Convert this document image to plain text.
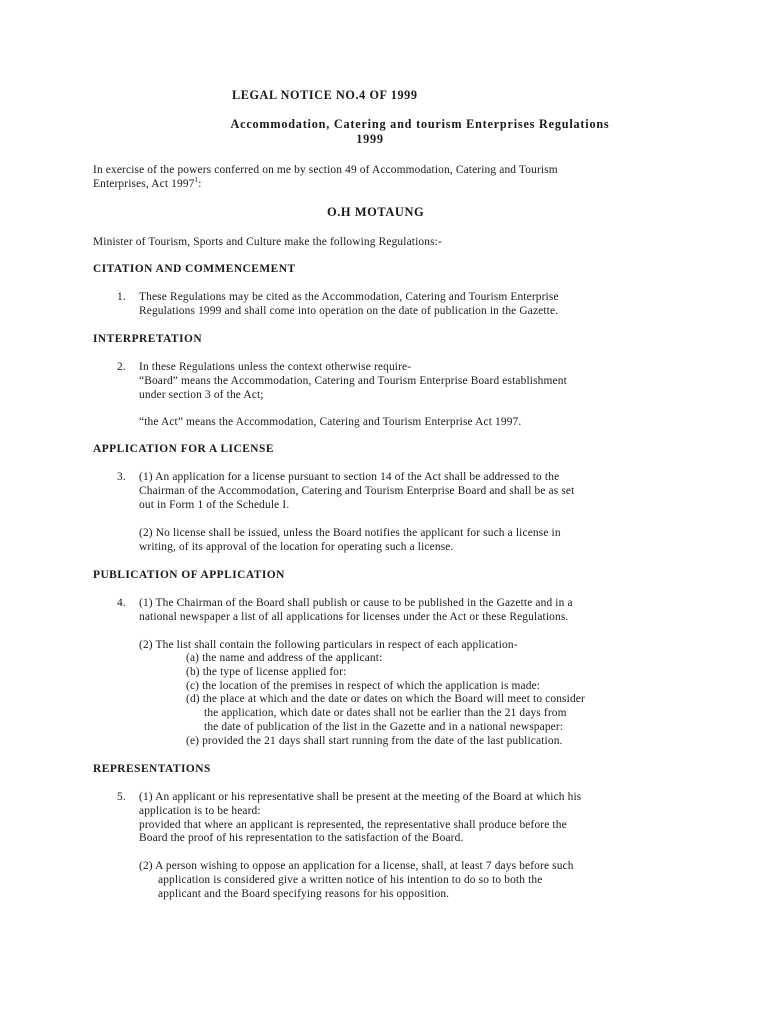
LEGAL NOTICE NO.4 OF 1999
Accommodation, Catering and tourism Enterprises Regulations
1999
In exercise of the powers conferred on me by section 49 of Accommodation, Catering and Tourism
Enterprises, Act 1997$^1$:
O.H MOTAUNG
Minister of Tourism, Sports and Culture make the following Regulations:-
CITATION AND COMMENCEMENT
1. These Regulations may be cited as the Accommodation, Catering and Tourism Enterprise
Regulations 1999 and shall come into operation on the date of publication in the Gazette.
INTERPRETATION
2. In these Regulations unless the context otherwise require-
“Board” means the Accommodation, Catering and Tourism Enterprise Board establishment
under section 3 of the Act;
“the Act” means the Accommodation, Catering and Tourism Enterprise Act 1997.
APPLICATION FOR A LICENSE
3. (1) An application for a license pursuant to section 14 of the Act shall be addressed to the
Chairman of the Accommodation, Catering and Tourism Enterprise Board and shall be as set
out in Form 1 of the Schedule I.
(2) No license shall be issued, unless the Board notifies the applicant for such a license in
writing, of its approval of the location for operating such a license.
PUBLICATION OF APPLICATION
4. (1) The Chairman of the Board shall publish or cause to be published in the Gazette and in a
national newspaper a list of all applications for licenses under the Act or these Regulations.
(2) The list shall contain the following particulars in respect of each application-
(a) the name and address of the applicant:
(b) the type of license applied for:
(c) the location of the premises in respect of which the application is made:
(d) the place at which and the date or dates on which the Board will meet to consider
the application, which date or dates shall not be earlier than the 21 days from
the date of publication of the list in the Gazette and in a national newspaper:
(e) provided the 21 days shall start running from the date of the last publication.
REPRESENTATIONS
5. (1) An applicant or his representative shall be present at the meeting of the Board at which his
application is to be heard:
provided that where an applicant is represented, the representative shall produce before the
Board the proof of his representation to the satisfaction of the Board.
(2) A person wishing to oppose an application for a license, shall, at least 7 days before such
application is considered give a written notice of his intention to do so to both the
applicant and the Board specifying reasons for his opposition.
